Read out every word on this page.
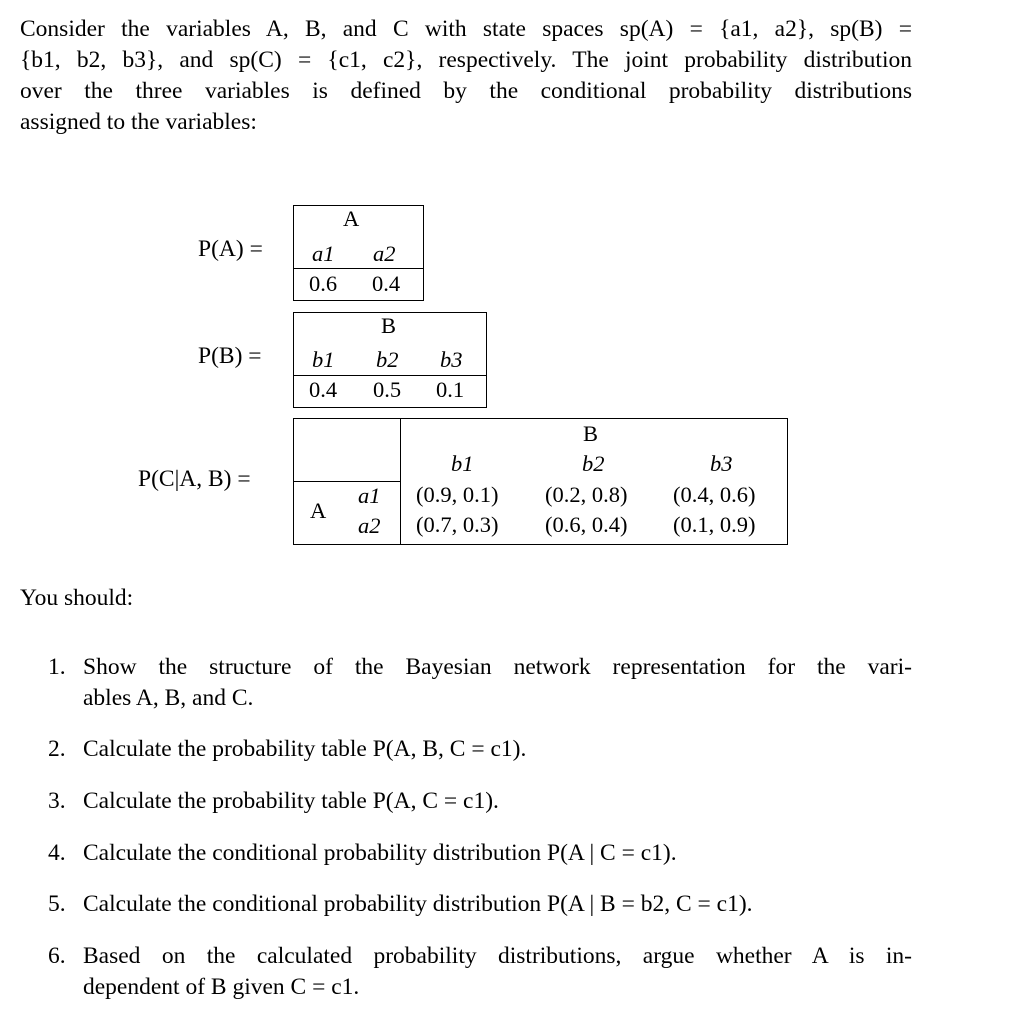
Consider the variables A, B, and C with state spaces sp(A) = {a1, a2}, sp(B) =
{b1, b2, b3}, and sp(C) = {c1, c2}, respectively. The joint probability distribution
over the three variables is defined by the conditional probability distributions
assigned to the variables:
P(A) =
A
a1 a2
0.6 0.4
P(B) =
B
b1 b2 b3
0.4 0.5 0.1
P(C|A, B) =
B
b1	b2	b3
A
a1
a2
(0.9, 0.1) (0.2, 0.8) (0.4, 0.6)
(0.7, 0.3) (0.6, 0.4) (0.1, 0.9)
You should:
1. Show the structure of the Bayesian network representation for the vari-
ables A, B, and C.
2. Calculate the probability table P(A, B, C = c1).
3. Calculate the probability table P(A, C = c1).
4. Calculate the conditional probability distribution P(A | C = c1).
5. Calculate the conditional probability distribution P(A | B = b2, C = c1).
6. Based on the calculated probability distributions, argue whether A is in-
dependent of B given C = c1.
